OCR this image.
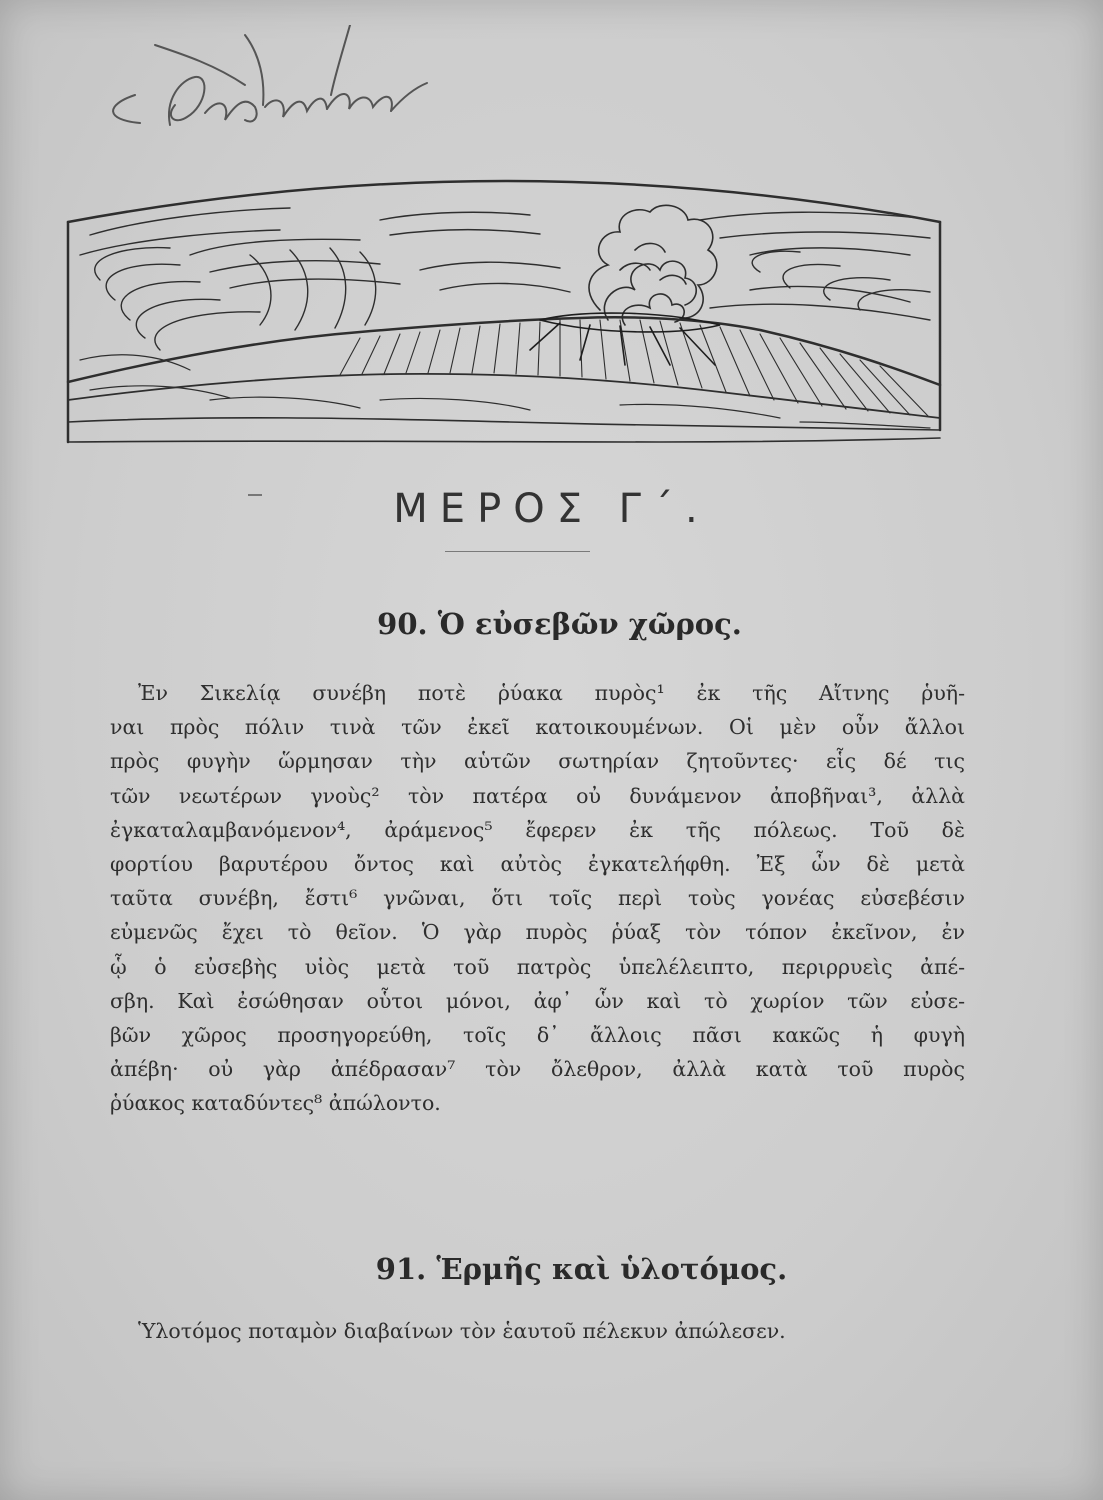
Θ. Γιαλάπιων
ΜΕΡΟΣ Γ΄.
90. Ὁ εὐσεβῶν χῶρος.
Ἐν Σικελίᾳ συνέβη ποτὲ ῥύακα πυρὸς¹ ἐκ τῆς Αἴτνης ῥυῆ-
ναι πρὸς πόλιν τινὰ τῶν ἐκεῖ κατοικουμένων. Οἱ μὲν οὖν ἄλλοι
πρὸς φυγὴν ὥρμησαν τὴν αὑτῶν σωτηρίαν ζητοῦντες· εἷς δέ τις
τῶν νεωτέρων γνοὺς² τὸν πατέρα οὐ δυνάμενον ἀποβῆναι³, ἀλλὰ
ἐγκαταλαμβανόμενον⁴, ἀράμενος⁵ ἔφερεν ἐκ τῆς πόλεως. Τοῦ δὲ
φορτίου βαρυτέρου ὄντος καὶ αὐτὸς ἐγκατελήφθη. Ἐξ ὧν δὲ μετὰ
ταῦτα συνέβη, ἔστι⁶ γνῶναι, ὅτι τοῖς περὶ τοὺς γονέας εὐσεβέσιν
εὐμενῶς ἔχει τὸ θεῖον. Ὁ γὰρ πυρὸς ῥύαξ τὸν τόπον ἐκεῖνον, ἐν
ᾧ ὁ εὐσεβὴς υἱὸς μετὰ τοῦ πατρὸς ὑπελέλειπτο, περιρρυεὶς ἀπέ-
σβη. Καὶ ἐσώθησαν οὗτοι μόνοι, ἀφ᾿ ὧν καὶ τὸ χωρίον τῶν εὐσε-
βῶν χῶρος προσηγορεύθη, τοῖς δ᾿ ἄλλοις πᾶσι κακῶς ἡ φυγὴ
ἀπέβη· οὐ γὰρ ἀπέδρασαν⁷ τὸν ὄλεθρον, ἀλλὰ κατὰ τοῦ πυρὸς
ῥύακος καταδύντες⁸ ἀπώλοντο.
91. Ἑρμῆς καὶ ὑλοτόμος.
Ὑλοτόμος ποταμὸν διαβαίνων τὸν ἑαυτοῦ πέλεκυν ἀπώλεσεν.
